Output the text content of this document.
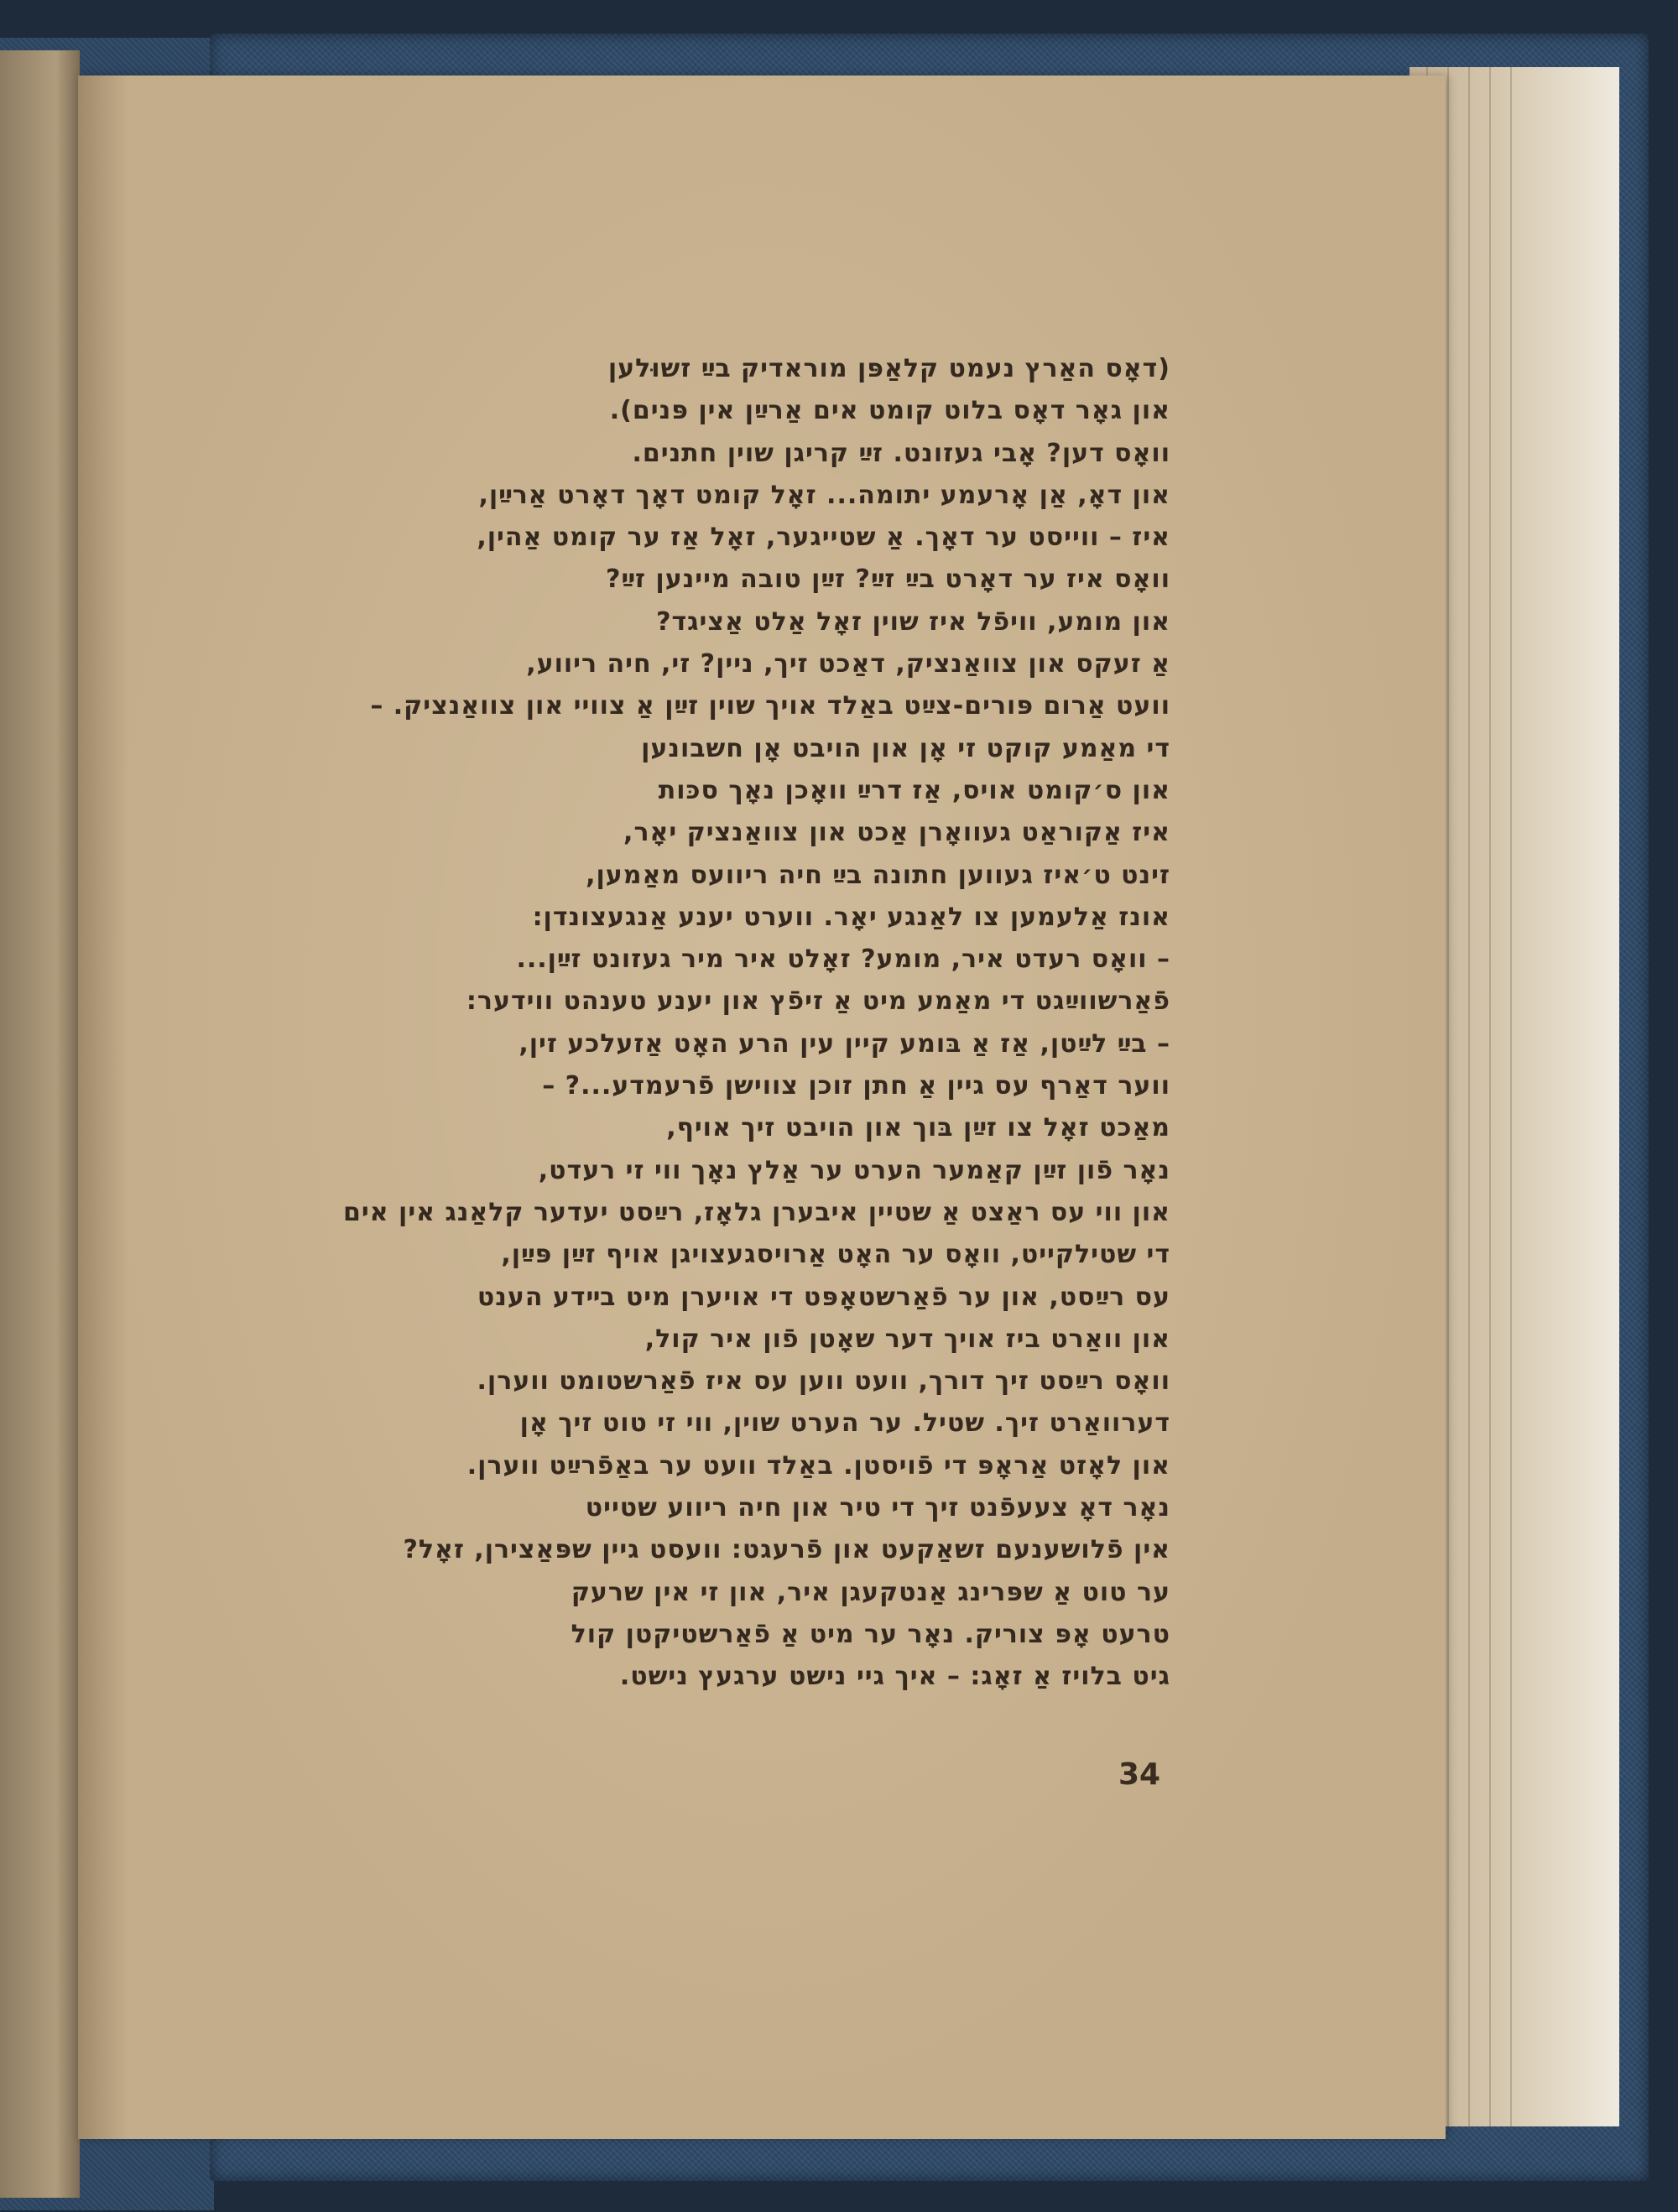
(דאָס האַרץ נעמט קלאַפּן מוראדיק בײַ זשוּלען
און גאָר דאָס בלוט קומט אים אַרײַן אין פּנים).
וואָס דען? אָבי געזונט. זײַ קריגן שוין חתנים.
און דאָ, אַן אָרעמע יתומה... זאָל קומט דאָך דאָרט אַרײַן,
איז – ווייסט ער דאָך. אַ שטייגער, זאָל אַז ער קומט אַהין,
וואָס איז ער דאָרט בײַ זײַ? זײַן טובה מיינען זײַ?
און מומע, וויפֿל איז שוין זאָל אַלט אַציגד?
אַ זעקס און צוואַנציק, דאַכט זיך, ניין? זי, חיה ריווע,
וועט אַרום פּורים-צײַט באַלד אויך שוין זײַן אַ צוויי און צוואַנציק. –
די מאַמע קוקט זי אָן און הויבט אָן חשבונען
און ס׳קומט אויס, אַז דרײַ וואָכן נאָך סכּות
איז אַקוראַט געוואָרן אַכט און צוואַנציק יאָר,
זינט ט׳איז געווען חתונה בײַ חיה ריוועס מאַמען,
אונז אַלעמען צו לאַנגע יאָר. ווערט יענע אַנגעצונדן:
– וואָס רעדט איר, מומע? זאָלט איר מיר געזונט זײַן...
פֿאַרשווײַגט די מאַמע מיט אַ זיפֿץ און יענע טענהט ווידער:
– בײַ לײַטן, אַז אַ בּומע קיין עין הרע האָט אַזעלכע זין,
ווער דאַרף עס גיין אַ חתן זוכן צווישן פֿרעמדע...? –
מאַכט זאָל צו זײַן בּוך און הויבט זיך אויף,
נאָר פֿון זײַן קאַמער הערט ער אַלץ נאָך ווי זי רעדט,
און ווי עס ראַצט אַ שטיין איבערן גלאָז, רײַסט יעדער קלאַנג אין אים
די שטילקייט, וואָס ער האָט אַרויסגעצויגן אויף זײַן פּײַן,
עס רײַסט, און ער פֿאַרשטאָפּט די אויערן מיט בײדע הענט
און וואַרט ביז אויך דער שאָטן פֿון איר קול,
וואָס רײַסט זיך דורך, וועט ווען עס איז פֿאַרשטומט ווערן.
דערוואַרט זיך. שטיל. ער הערט שוין, ווי זי טוט זיך אָן
און לאָזט אַראָפּ די פֿויסטן. באַלד וועט ער באַפֿרײַט ווערן.
נאָר דאָ צעעפֿנט זיך די טיר און חיה ריווע שטייט
אין פֿלושענעם זשאַקעט און פֿרעגט: וועסט גיין שפּאַצירן, זאָל?
ער טוט אַ שפּרינג אַנטקעגן איר, און זי אין שרעק
טרעט אָפּ צוריק. נאָר ער מיט אַ פֿאַרשטיקטן קול
גיט בלויז אַ זאָג: – איך גיי נישט ערגעץ נישט.
34
